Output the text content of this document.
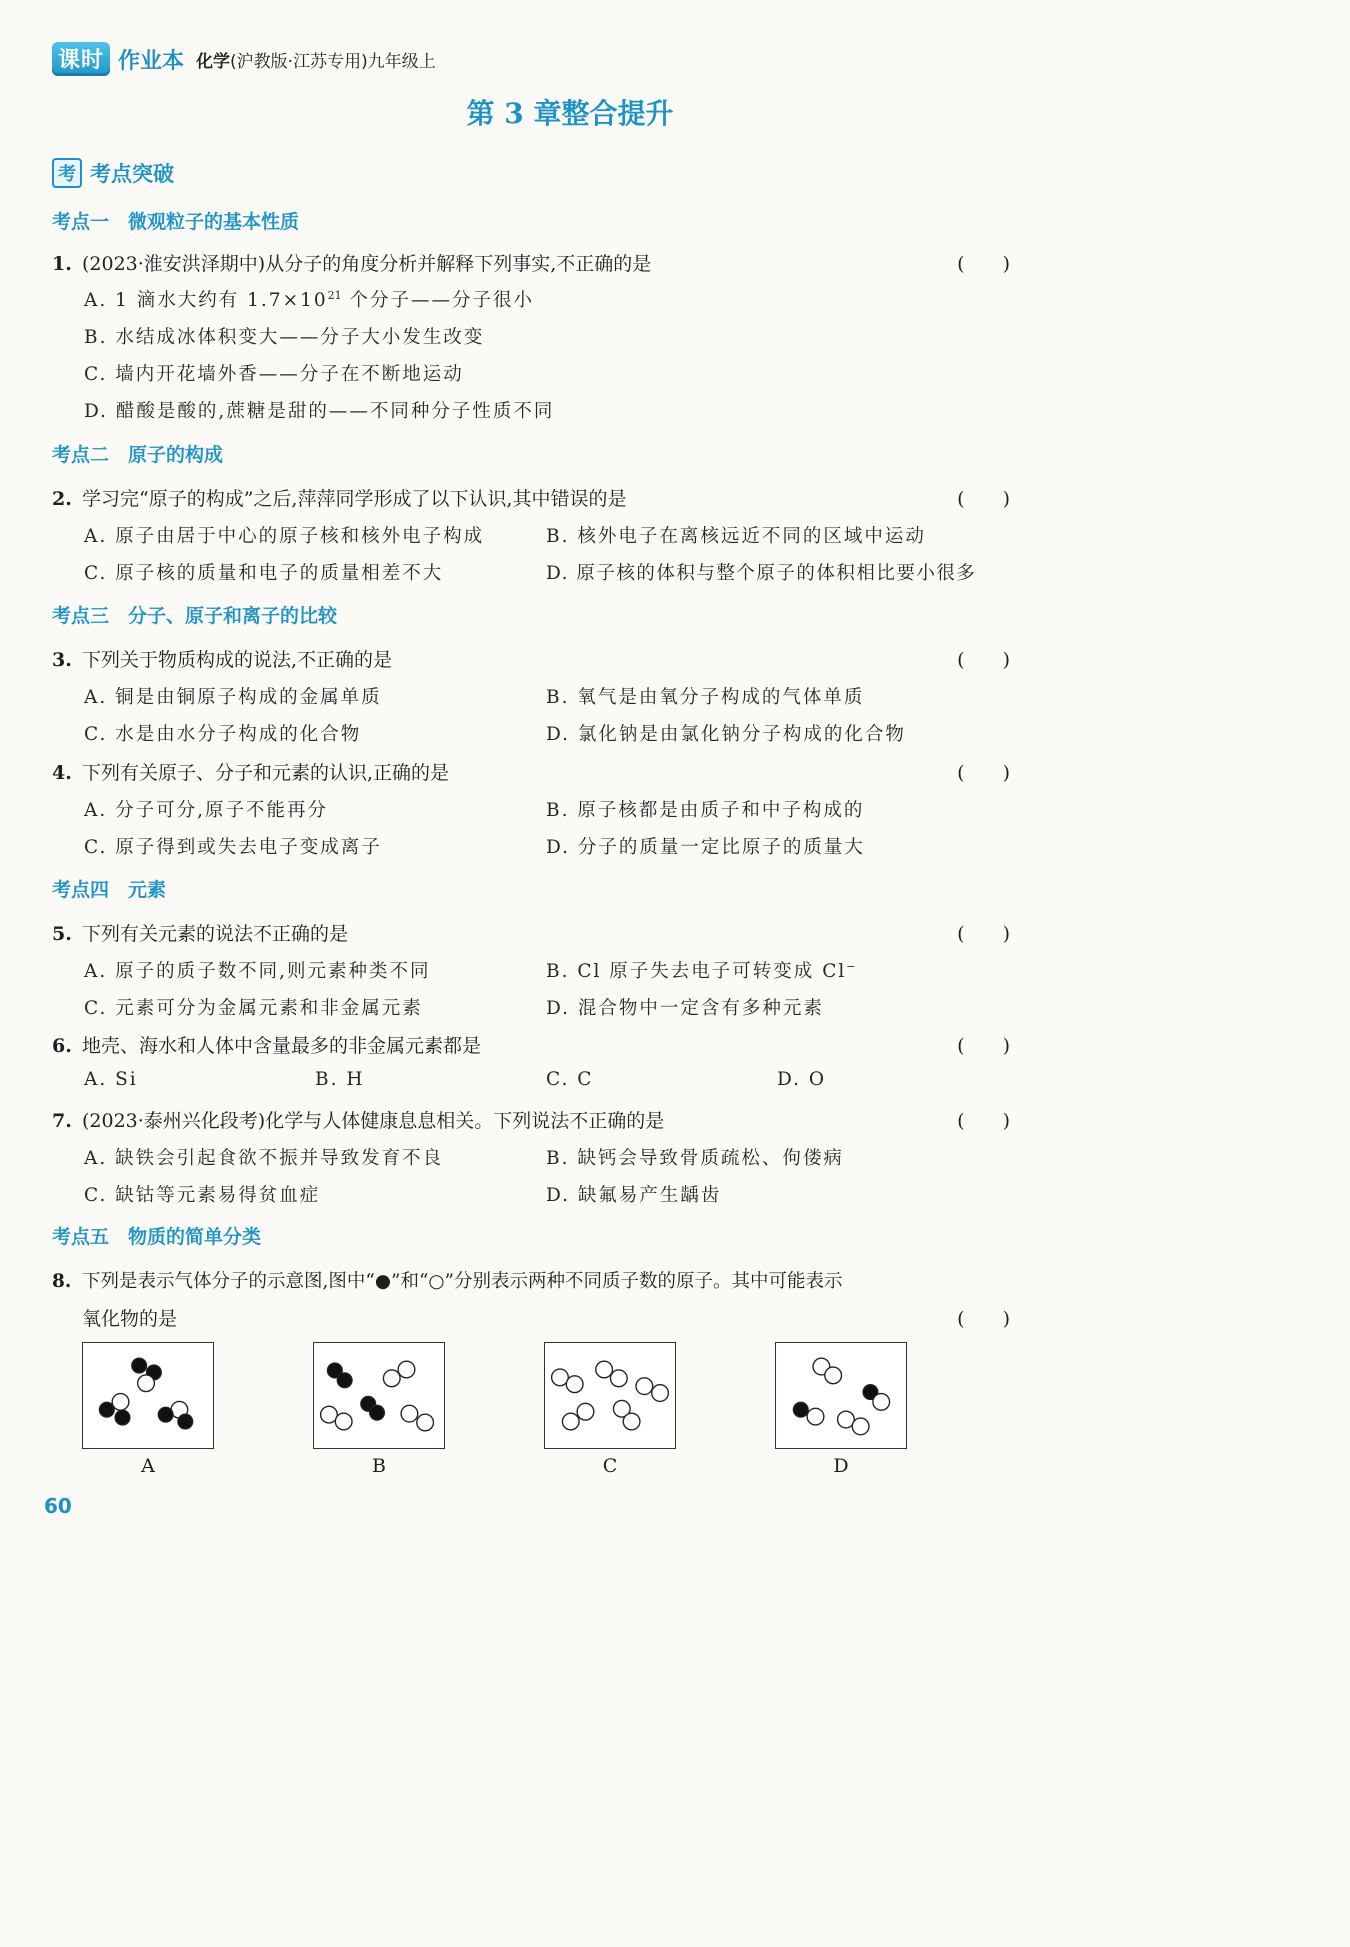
课时 作业本 化学(沪教版·江苏专用)九年级上
第 3 章整合提升
考 考点突破
考点一　微观粒子的基本性质
1. (2023·淮安洪泽期中)从分子的角度分析并解释下列事实,不正确的是	(　　)
A. 1 滴水大约有 $1.7\times 10^{21}$ 个分子——分子很小
B. 水结成冰体积变大——分子大小发生改变
C. 墙内开花墙外香——分子在不断地运动
D. 醋酸是酸的,蔗糖是甜的——不同种分子性质不同
考点二　原子的构成
2. 学习完“原子的构成”之后,萍萍同学形成了以下认识,其中错误的是	(　　)
A. 原子由居于中心的原子核和核外电子构成	B. 核外电子在离核远近不同的区域中运动
C. 原子核的质量和电子的质量相差不大	D. 原子核的体积与整个原子的体积相比要小很多
考点三　分子、原子和离子的比较
3. 下列关于物质构成的说法,不正确的是	(　　)
A. 铜是由铜原子构成的金属单质	B. 氧气是由氧分子构成的气体单质
C. 水是由水分子构成的化合物	D. 氯化钠是由氯化钠分子构成的化合物
4. 下列有关原子、分子和元素的认识,正确的是	(　　)
A. 分子可分,原子不能再分	B. 原子核都是由质子和中子构成的
C. 原子得到或失去电子变成离子	D. 分子的质量一定比原子的质量大
考点四　元素
5. 下列有关元素的说法不正确的是	(　　)
A. 原子的质子数不同,则元素种类不同	B. Cl 原子失去电子可转变成 Cl−
C. 元素可分为金属元素和非金属元素	D. 混合物中一定含有多种元素
6. 地壳、海水和人体中含量最多的非金属元素都是	(　　)
A. Si	B. H	C. C	D. O
7. (2023·泰州兴化段考)化学与人体健康息息相关。下列说法不正确的是	(　　)
A. 缺铁会引起食欲不振并导致发育不良	B. 缺钙会导致骨质疏松、佝偻病
C. 缺钴等元素易得贫血症	D. 缺氟易产生龋齿
考点五　物质的简单分类
8. 下列是表示气体分子的示意图,图中“●”和“○”分别表示两种不同质子数的原子。其中可能表示
氧化物的是	(　　)
A	B	C	D
60
